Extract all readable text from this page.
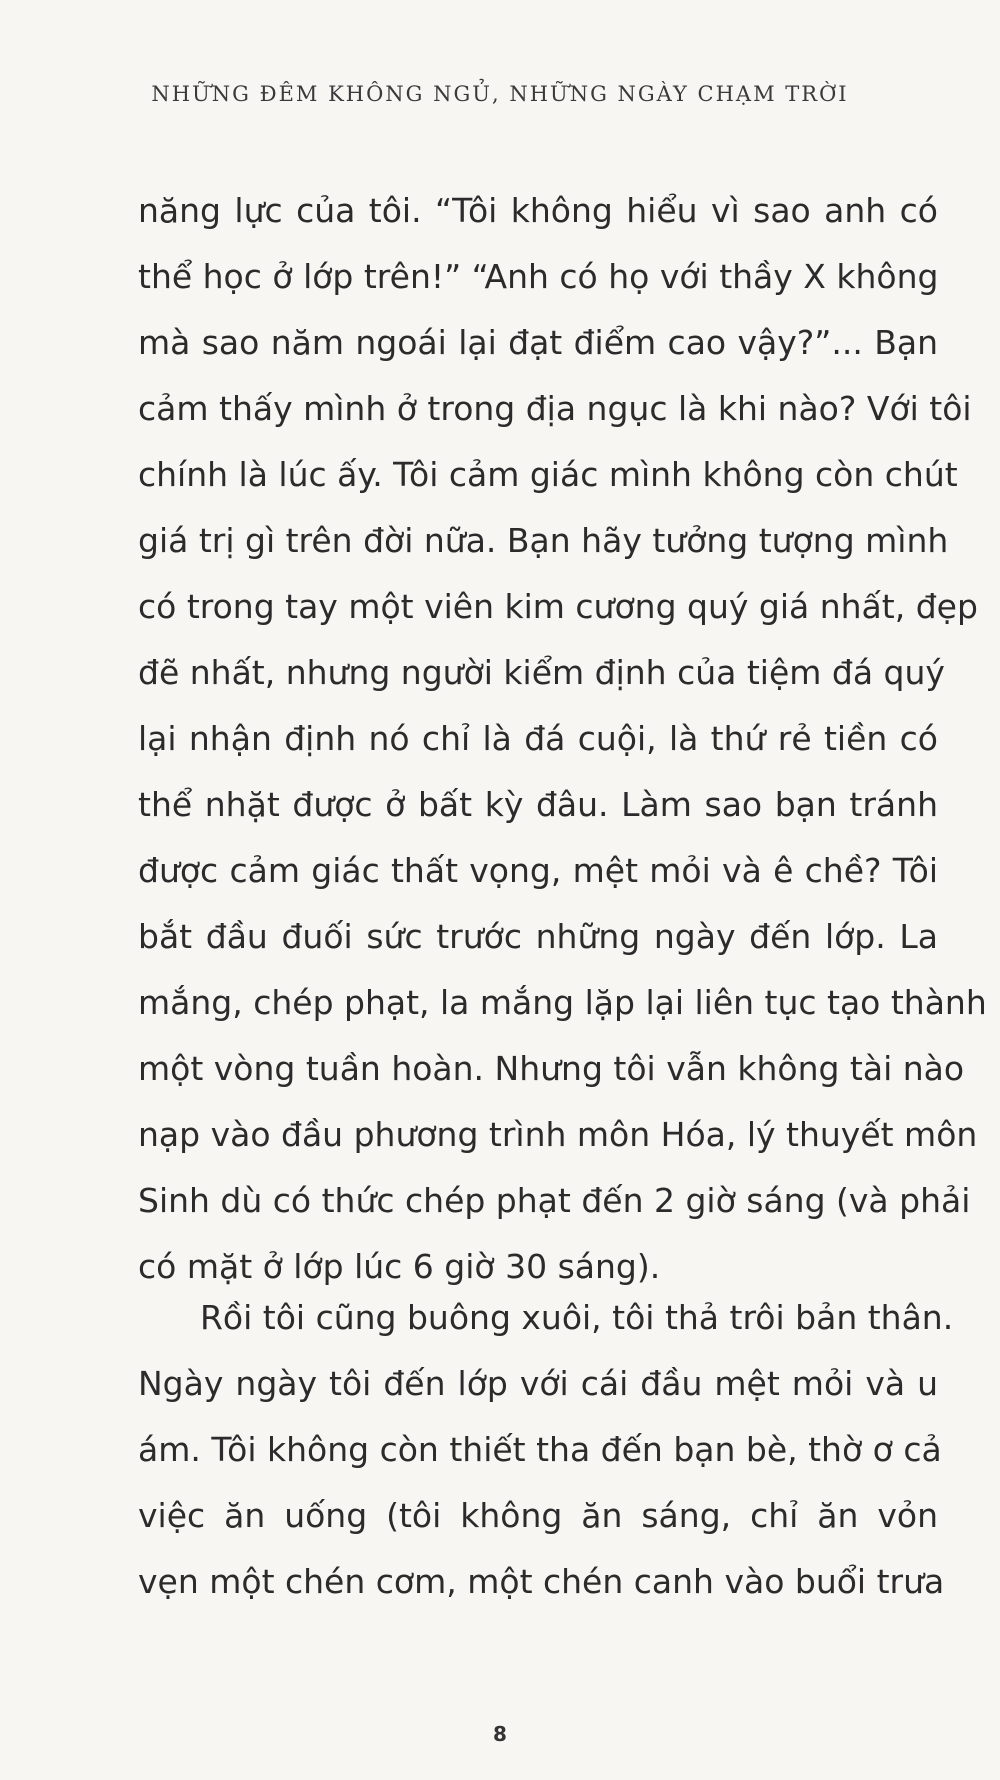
NHỮNG ĐÊM KHÔNG NGỦ, NHỮNG NGÀY CHẠM TRỜI
năng lực của tôi. “Tôi không hiểu vì sao anh có
thể học ở lớp trên!” “Anh có họ với thầy X không
mà sao năm ngoái lại đạt điểm cao vậy?”... Bạn
cảm thấy mình ở trong địa ngục là khi nào? Với tôi
chính là lúc ấy. Tôi cảm giác mình không còn chút
giá trị gì trên đời nữa. Bạn hãy tưởng tượng mình
có trong tay một viên kim cương quý giá nhất, đẹp
đẽ nhất, nhưng người kiểm định của tiệm đá quý
lại nhận định nó chỉ là đá cuội, là thứ rẻ tiền có
thể nhặt được ở bất kỳ đâu. Làm sao bạn tránh
được cảm giác thất vọng, mệt mỏi và ê chề? Tôi
bắt đầu đuối sức trước những ngày đến lớp. La
mắng, chép phạt, la mắng lặp lại liên tục tạo thành
một vòng tuần hoàn. Nhưng tôi vẫn không tài nào
nạp vào đầu phương trình môn Hóa, lý thuyết môn
Sinh dù có thức chép phạt đến 2 giờ sáng (và phải
có mặt ở lớp lúc 6 giờ 30 sáng).
Rồi tôi cũng buông xuôi, tôi thả trôi bản thân.
Ngày ngày tôi đến lớp với cái đầu mệt mỏi và u
ám. Tôi không còn thiết tha đến bạn bè, thờ ơ cả
việc ăn uống (tôi không ăn sáng, chỉ ăn vỏn
vẹn một chén cơm, một chén canh vào buổi trưa
8
